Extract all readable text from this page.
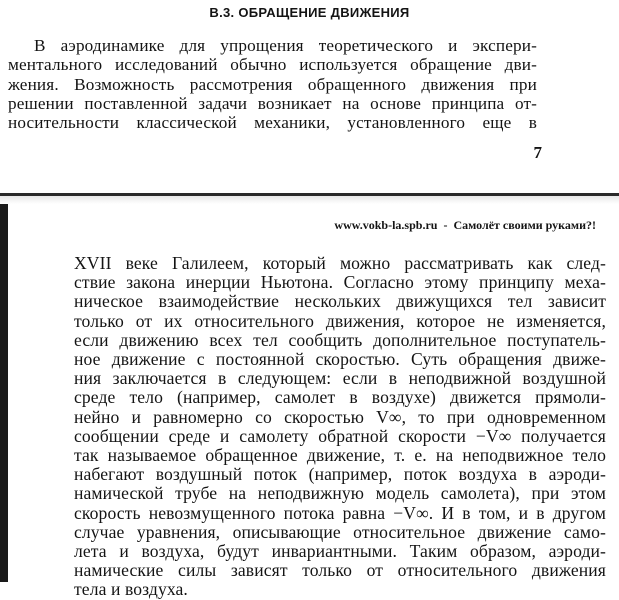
В.3. ОБРАЩЕНИЕ ДВИЖЕНИЯ
В аэродинамике для упрощения теоретического и экспери-
ментального исследований обычно используется обращение дви-
жения. Возможность рассмотрения обращенного движения при
решении поставленной задачи возникает на основе принципа от-
носительности классической механики, установленного еще в
7
www.vokb-la.spb.ru - Самолёт своими руками?!
XVII веке Галилеем, который можно рассматривать как след-
ствие закона инерции Ньютона. Согласно этому принципу меха-
ническое взаимодействие нескольких движущихся тел зависит
только от их относительного движения, которое не изменяется,
если движению всех тел сообщить дополнительное поступатель-
ное движение с постоянной скоростью. Суть обращения движе-
ния заключается в следующем: если в неподвижной воздушной
среде тело (например, самолет в воздухе) движется прямоли-
нейно и равномерно со скоростью V∞, то при одновременном
сообщении среде и самолету обратной скорости −V∞ получается
так называемое обращенное движение, т. е. на неподвижное тело
набегают воздушный поток (например, поток воздуха в аэроди-
намической трубе на неподвижную модель самолета), при этом
скорость невозмущенного потока равна −V∞. И в том, и в другом
случае уравнения, описывающие относительное движение само-
лета и воздуха, будут инвариантными. Таким образом, аэроди-
намические силы зависят только от относительного движения
тела и воздуха.
